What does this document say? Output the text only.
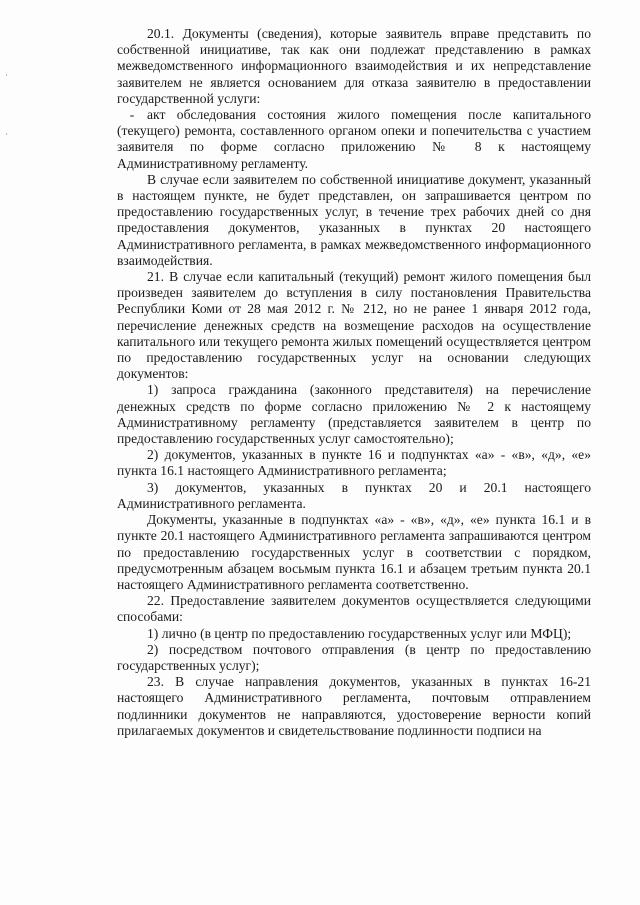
20.1. Документы (сведения), которые заявитель вправе представить по собственной инициативе, так как они подлежат представлению в рамках межведомственного информационного взаимодействия и их непредставление заявителем не является основанием для отказа заявителю в предоставлении государственной услуги:

- акт обследования состояния жилого помещения после капитального (текущего) ремонта, составленного органом опеки и попечительства с участием заявителя по форме согласно приложению № 8 к настоящему Административному регламенту.

В случае если заявителем по собственной инициативе документ, указанный в настоящем пункте, не будет представлен, он запрашивается центром по предоставлению государственных услуг, в течение трех рабочих дней со дня предоставления документов, указанных в пунктах 20 настоящего Административного регламента, в рамках межведомственного информационного взаимодействия.

21. В случае если капитальный (текущий) ремонт жилого помещения был произведен заявителем до вступления в силу постановления Правительства Республики Коми от 28 мая 2012 г. № 212, но не ранее 1 января 2012 года, перечисление денежных средств на возмещение расходов на осуществление капитального или текущего ремонта жилых помещений осуществляется центром по предоставлению государственных услуг на основании следующих документов:

1) запроса гражданина (законного представителя) на перечисление денежных средств по форме согласно приложению № 2 к настоящему Административному регламенту (представляется заявителем в центр по предоставлению государственных услуг самостоятельно);

2) документов, указанных в пункте 16 и подпунктах «а» - «в», «д», «е» пункта 16.1 настоящего Административного регламента;

3) документов, указанных в пунктах 20 и 20.1 настоящего Административного регламента.

Документы, указанные в подпунктах «а» - «в», «д», «е» пункта 16.1 и в пункте 20.1 настоящего Административного регламента запрашиваются центром по предоставлению государственных услуг в соответствии с порядком, предусмотренным абзацем восьмым пункта 16.1 и абзацем третьим пункта 20.1 настоящего Административного регламента соответственно.

22. Предоставление заявителем документов осуществляется следующими способами:

1) лично (в центр по предоставлению государственных услуг или МФЦ);

2) посредством почтового отправления (в центр по предоставлению государственных услуг);

23. В случае направления документов, указанных в пунктах 16-21 настоящего Административного регламента, почтовым отправлением подлинники документов не направляются, удостоверение верности копий прилагаемых документов и свидетельствование подлинности подписи на
